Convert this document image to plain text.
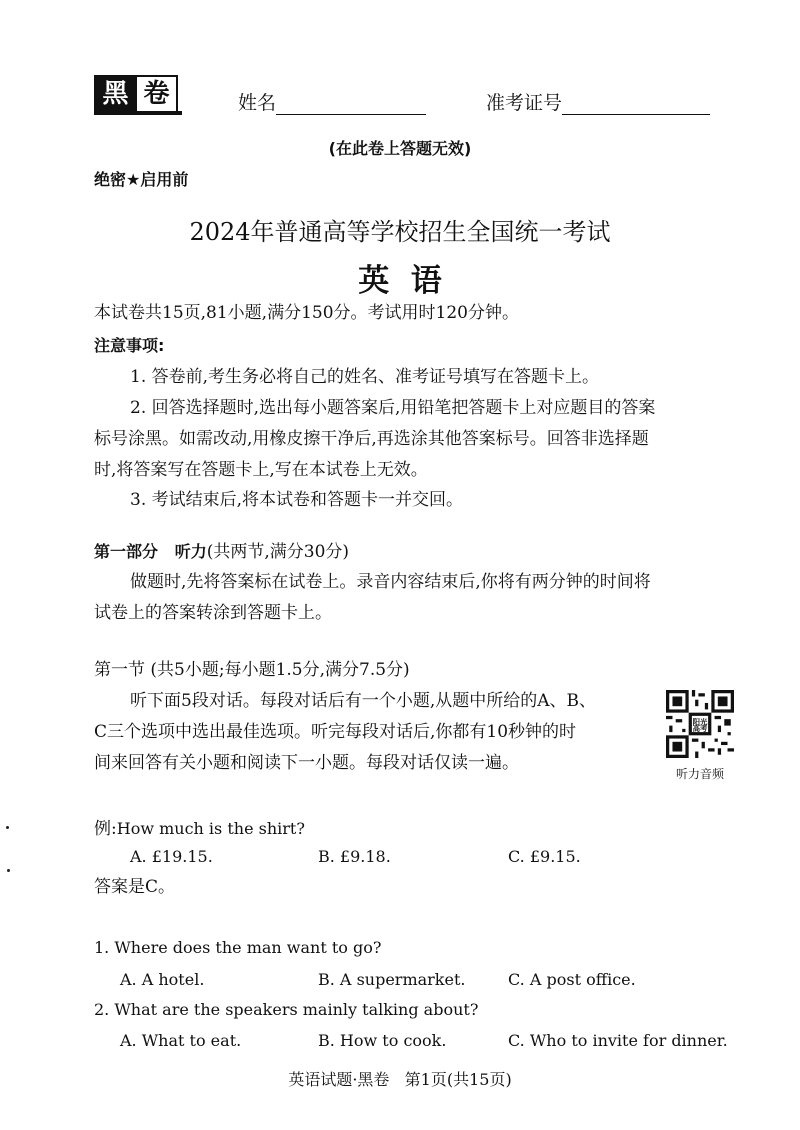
黑 卷	姓名	准考证号
(在此卷上答题无效)
绝密★启用前
2024年普通高等学校招生全国统一考试
英  语
本试卷共15页,81小题,满分150分。考试用时120分钟。
注意事项:
1. 答卷前,考生务必将自己的姓名、准考证号填写在答题卡上。
2. 回答选择题时,选出每小题答案后,用铅笔把答题卡上对应题目的答案
标号涂黑。如需改动,用橡皮擦干净后,再选涂其他答案标号。回答非选择题
时,将答案写在答题卡上,写在本试卷上无效。
3. 考试结束后,将本试卷和答题卡一并交回。
第一部分   听力(共两节,满分30分)
做题时,先将答案标在试卷上。录音内容结束后,你将有两分钟的时间将
试卷上的答案转涂到答题卡上。
第一节 (共5小题;每小题1.5分,满分7.5分)
听下面5段对话。每段对话后有一个小题,从题中所给的A、B、
C三个选项中选出最佳选项。听完每段对话后,你都有10秒钟的时
间来回答有关小题和阅读下一小题。每段对话仅读一遍。
阳光
高考
听力音频
例:How much is the shirt?
A. £19.15.	B. £9.18.	C. £9.15.
答案是C。
1. Where does the man want to go?
A. A hotel.	B. A supermarket.	C. A post office.
2. What are the speakers mainly talking about?
A. What to eat.	B. How to cook.	C. Who to invite for dinner.
英语试题·黑卷   第1页(共15页)
